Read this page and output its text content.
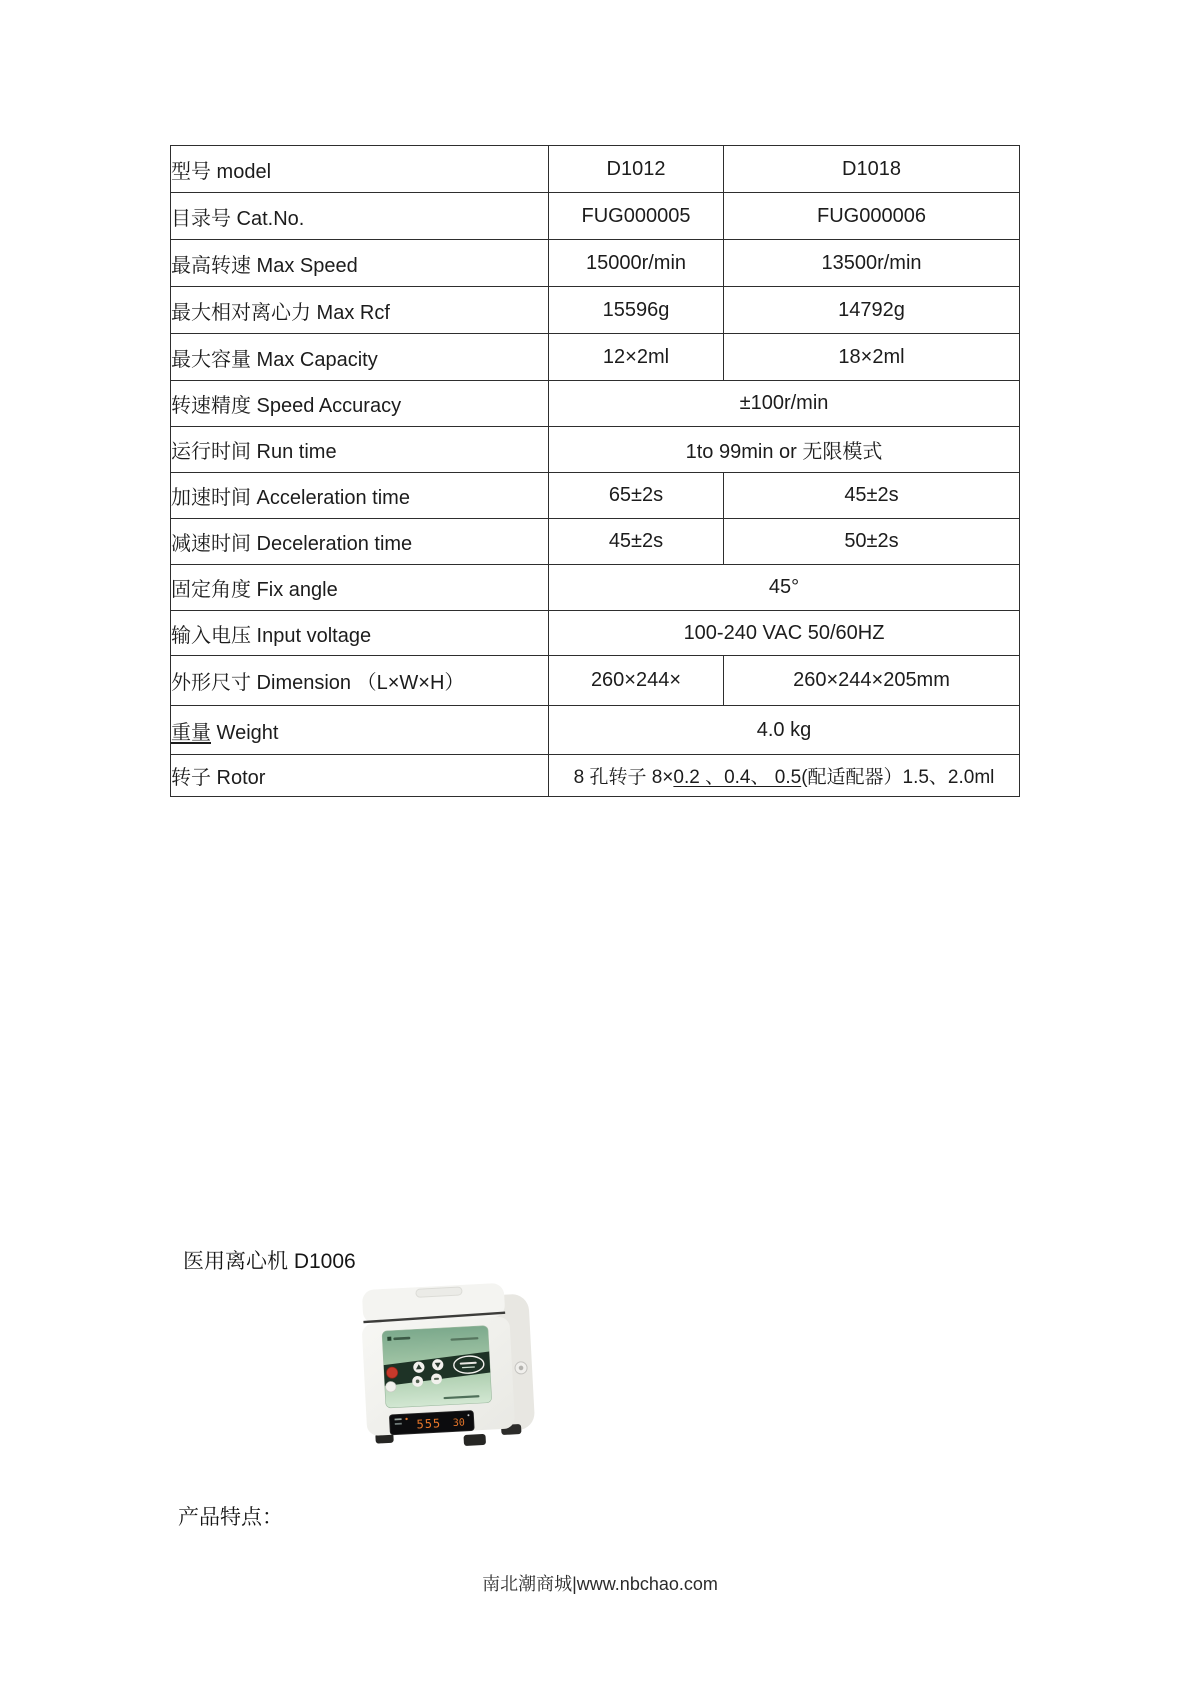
型号 model	D1012	D1018
目录号 Cat.No.	FUG000005	FUG000006
最高转速 Max Speed	15000r/min	13500r/min
最大相对离心力 Max Rcf	15596g	14792g
最大容量 Max Capacity	12×2ml	18×2ml
转速精度 Speed Accuracy	±100r/min	
运行时间 Run time	1to 99min or 无限模式	
加速时间 Acceleration time	65±2s	45±2s
减速时间 Deceleration time	45±2s	50±2s
固定角度 Fix angle	45°	
输入电压 Input voltage	100-240 VAC 50/60HZ	
外形尺寸 Dimension （L×W×H）	260×244×	260×244×205mm
重量 Weight	4.0 kg	
转子 Rotor	8 孔转子 8×0.2 、0.4、 0.5(配适配器）1.5、2.0ml	
医用离心机 D1006
555 30
产品特点：
南北潮商城|www.nbchao.com
